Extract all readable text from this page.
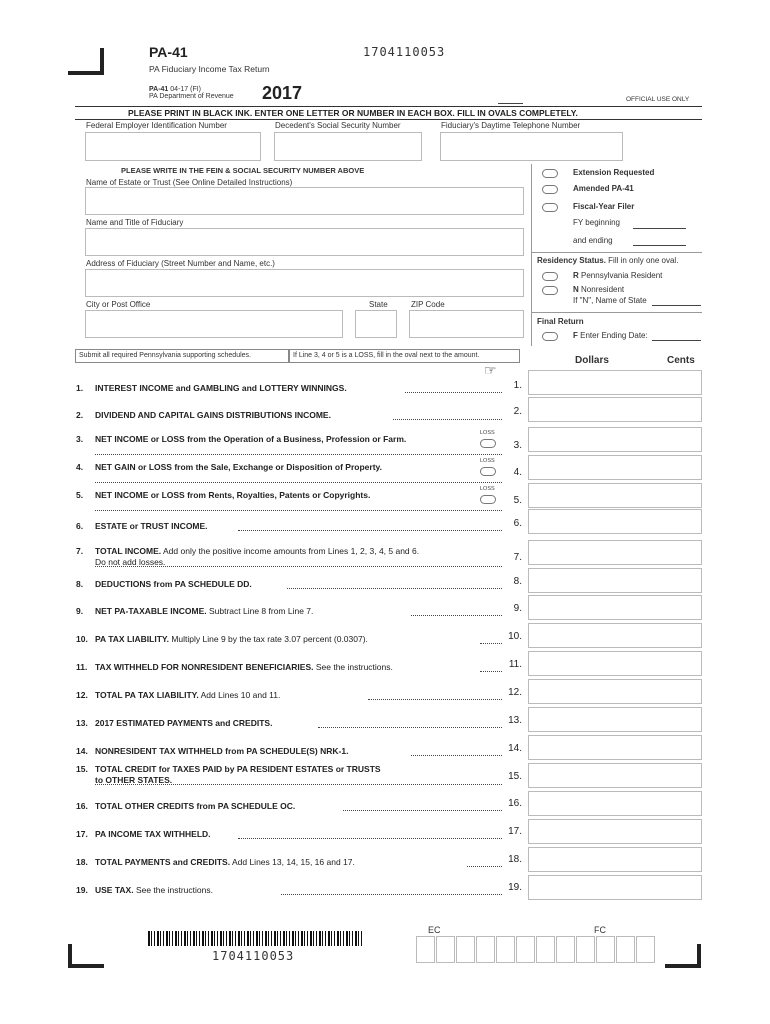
PA-41	1704110053
PA Fiduciary Income Tax Return
PA-41 04-17 (FI)
PA Department of Revenue 2017	OFFICIAL USE ONLY
PLEASE PRINT IN BLACK INK. ENTER ONE LETTER OR NUMBER IN EACH BOX. FILL IN OVALS COMPLETELY.
Federal Employer Identification Number	Decedent's Social Security Number	Fiduciary's Daytime Telephone Number
PLEASE WRITE IN THE FEIN & SOCIAL SECURITY NUMBER ABOVE
Name of Estate or Trust (See Online Detailed Instructions)
Name and Title of Fiduciary
Address of Fiduciary (Street Number and Name, etc.)
City or Post Office	State	ZIP Code
Extension Requested
Amended PA-41
Fiscal-Year Filer
FY beginning
and ending
Residency Status. Fill in only one oval.
R Pennsylvania Resident
N Nonresident
If "N", Name of State
Final Return
F Enter Ending Date:
Submit all required Pennsylvania supporting schedules.	If Line 3, 4 or 5 is a LOSS, fill in the oval next to the amount.	Dollars	Cents
☞
1. INTEREST INCOME and GAMBLING and LOTTERY WINNINGS.	1.
2. DIVIDEND AND CAPITAL GAINS DISTRIBUTIONS INCOME.	2.
3. NET INCOME or LOSS from the Operation of a Business, Profession or Farm.
3.
LOSS
4. NET GAIN or LOSS from the Sale, Exchange or Disposition of Property.	4.
LOSS
5. NET INCOME or LOSS from Rents, Royalties, Patents or Copyrights.	5.
LOSS
6. ESTATE or TRUST INCOME.	6.
7. TOTAL INCOME. Add only the positive income amounts from Lines 1, 2, 3, 4, 5 and 6.
Do not add losses.	7.
8. DEDUCTIONS from PA SCHEDULE DD.	8.
9. NET PA-TAXABLE INCOME. Subtract Line 8 from Line 7.	9.
10. PA TAX LIABILITY. Multiply Line 9 by the tax rate 3.07 percent (0.0307).	10.
11. TAX WITHHELD FOR NONRESIDENT BENEFICIARIES. See the instructions.	11.
12. TOTAL PA TAX LIABILITY. Add Lines 10 and 11.	12.
13. 2017 ESTIMATED PAYMENTS and CREDITS.	13.
14. NONRESIDENT TAX WITHHELD from PA SCHEDULE(S) NRK-1.	14.
15. TOTAL CREDIT for TAXES PAID by PA RESIDENT ESTATES or TRUSTS
to OTHER STATES.	15.
16. TOTAL OTHER CREDITS from PA SCHEDULE OC.	16.
17. PA INCOME TAX WITHHELD.	17.
18. TOTAL PAYMENTS and CREDITS. Add Lines 13, 14, 15, 16 and 17.	18.
19. USE TAX. See the instructions.	19.
EC	FC
1704110053
